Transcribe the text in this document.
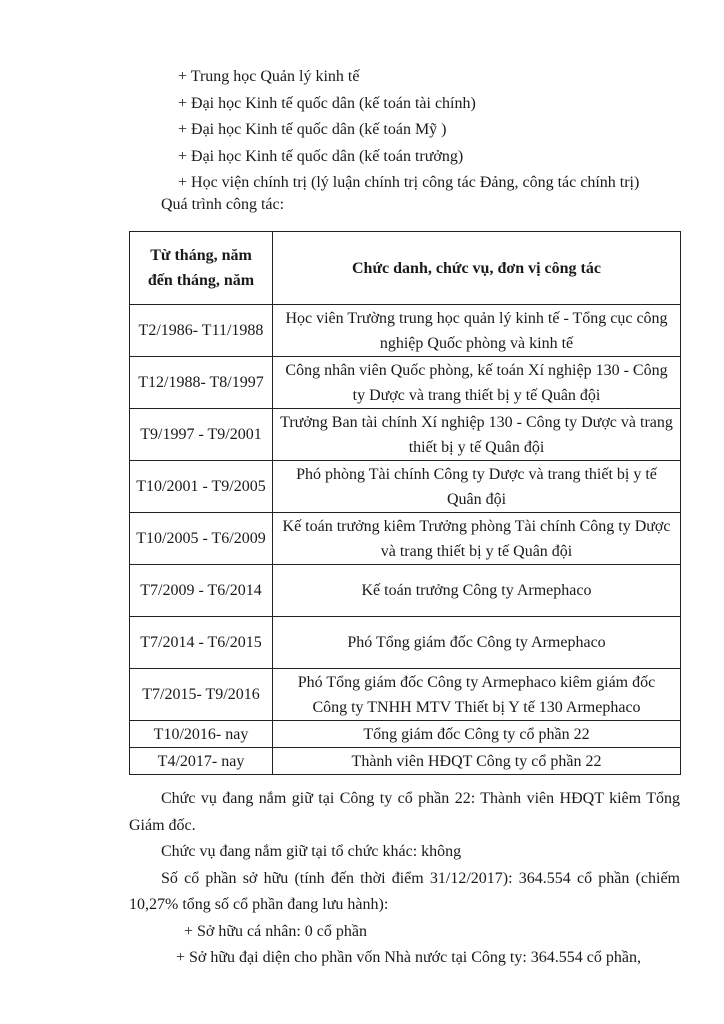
+ Trung học Quản lý kinh tế
+ Đại học Kinh tế quốc dân (kế toán tài chính)
+ Đại học Kinh tế quốc dân (kế toán Mỹ )
+ Đại học Kinh tế quốc dân (kế toán trưởng)
+ Học viện chính trị (lý luận chính trị công tác Đảng, công tác chính trị)
Quá trình công tác:
Từ tháng, năm đến tháng, năm	Chức danh, chức vụ, đơn vị công tác
T2/1986- T11/1988	Học viên Trường trung học quản lý kinh tế - Tổng cục công nghiệp Quốc phòng và kinh tế
T12/1988- T8/1997	Công nhân viên Quốc phòng, kế toán Xí nghiệp 130 - Công ty Dược và trang thiết bị y tế Quân đội
T9/1997 - T9/2001	Trưởng Ban tài chính Xí nghiệp 130 - Công ty Dược và trang thiết bị y tế Quân đội
T10/2001 - T9/2005	Phó phòng Tài chính Công ty Dược và trang thiết bị y tế Quân đội
T10/2005 - T6/2009	Kế toán trưởng kiêm Trưởng phòng Tài chính Công ty Dược và trang thiết bị y tế Quân đội
T7/2009 - T6/2014	Kế toán trưởng Công ty Armephaco
T7/2014 - T6/2015	Phó Tổng giám đốc Công ty Armephaco
T7/2015- T9/2016	Phó Tổng giám đốc Công ty Armephaco kiêm giám đốc Công ty TNHH MTV Thiết bị Y tế 130 Armephaco
T10/2016- nay	Tổng giám đốc Công ty cổ phần 22
T4/2017- nay	Thành viên HĐQT Công ty cổ phần 22
Chức vụ đang nắm giữ tại Công ty cổ phần 22: Thành viên HĐQT kiêm Tổng Giám đốc.
Chức vụ đang nắm giữ tại tổ chức khác: không
Số cổ phần sở hữu (tính đến thời điểm 31/12/2017): 364.554 cổ phần (chiếm 10,27% tổng số cổ phần đang lưu hành):
+ Sở hữu cá nhân: 0 cổ phần
+ Sở hữu đại diện cho phần vốn Nhà nước tại Công ty: 364.554 cổ phần,
